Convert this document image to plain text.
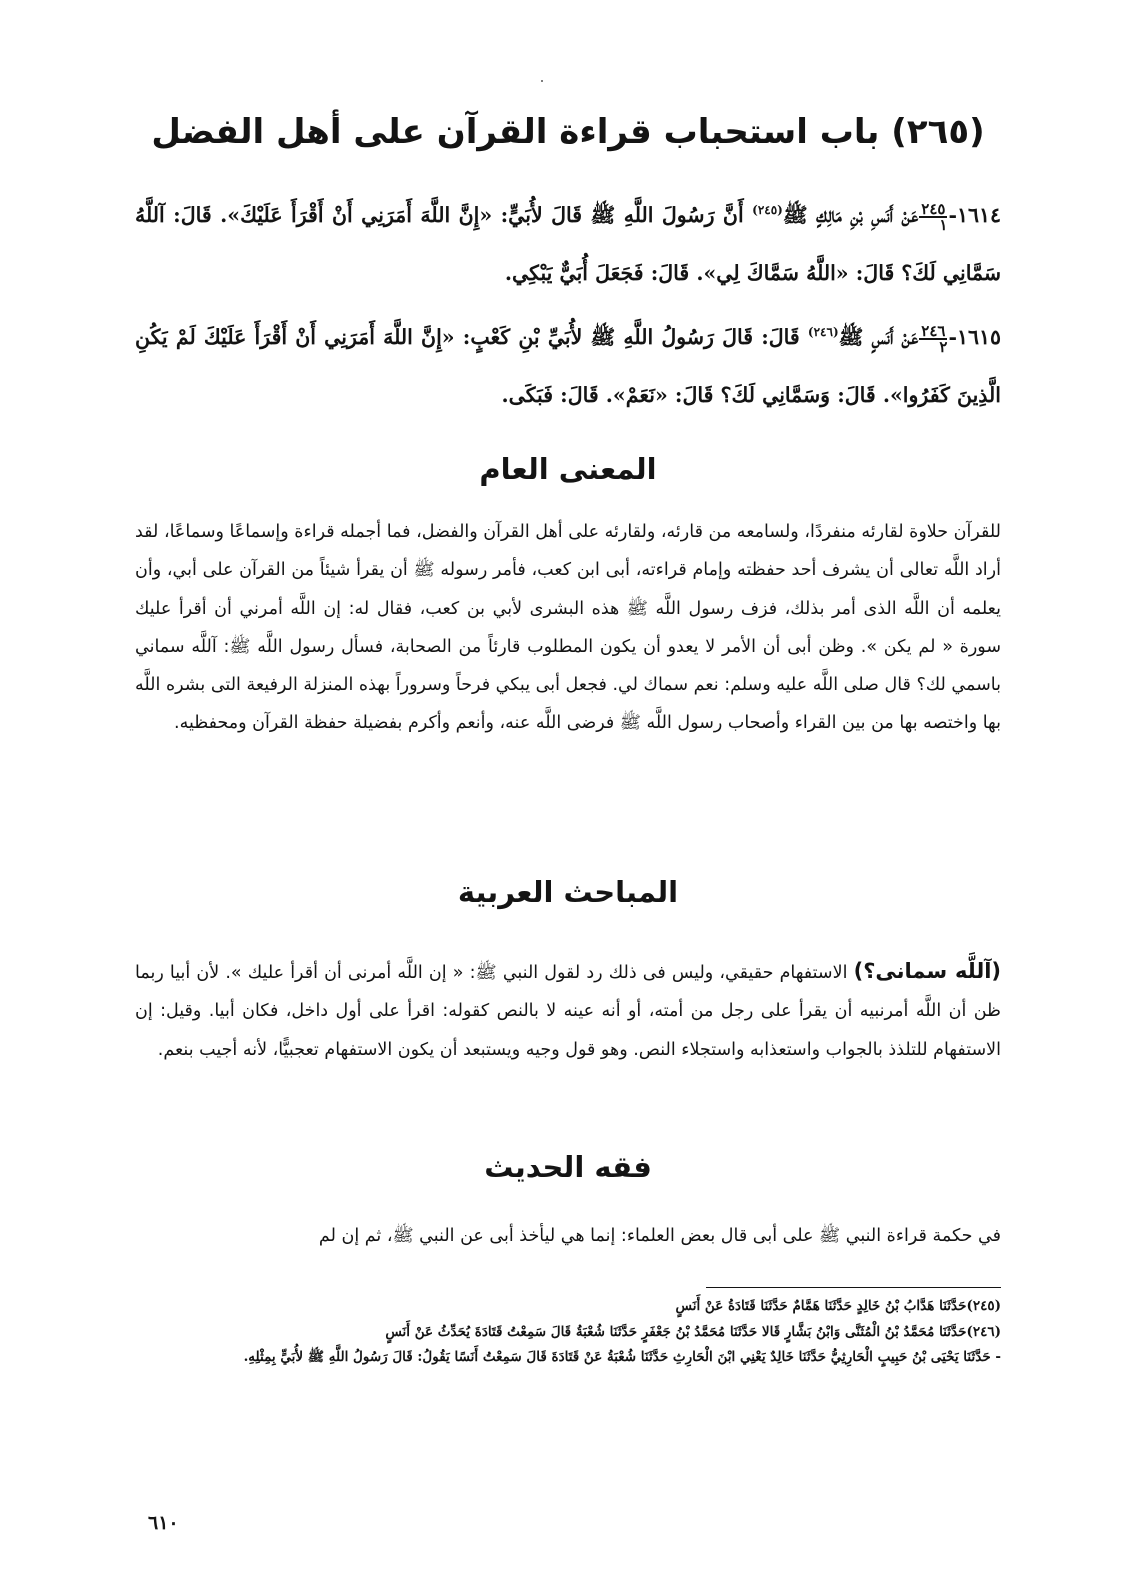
(٢٦٥) باب استحباب قراءة القرآن على أهل الفضل

١٦١٤-
$\frac{٢٤٥}{١}$
عَنْ أَنَسِ بْنِ مَالِكٍ ﷺ$^{(٢٤٥)}$ أَنَّ رَسُولَ اللَّهِ ﷺ قَالَ لأُبَيٍّ: «إِنَّ اللَّهَ أَمَرَنِي أَنْ أَقْرَأَ عَلَيْكَ». قَالَ: آللَّهُ سَمَّانِي لَكَ؟ قَالَ: «اللَّهُ سَمَّاكَ لِي». قَالَ: فَجَعَلَ أُبَيٌّ يَبْكِي.

١٦١٥-
$\frac{٢٤٦}{٢}$
عَنْ أَنَسٍ ﷺ$^{(٢٤٦)}$ قَالَ: قَالَ رَسُولُ اللَّهِ ﷺ لأُبَيِّ بْنِ كَعْبٍ: «إِنَّ اللَّهَ أَمَرَنِي أَنْ أَقْرَأَ عَلَيْكَ لَمْ يَكُنِ الَّذِينَ كَفَرُوا». قَالَ: وَسَمَّانِي لَكَ؟ قَالَ: «نَعَمْ». قَالَ: فَبَكَى.

المعنى العام

للقرآن حلاوة لقارئه منفردًا، ولسامعه من قارئه، ولقارئه على أهل القرآن والفضل، فما أجمله قراءة وإسماعًا وسماعًا، لقد أراد اللَّه تعالى أن يشرف أحد حفظته وإمام قراءته، أبى ابن كعب، فأمر رسوله ﷺ أن يقرأ شيئاً من القرآن على أبي، وأن يعلمه أن اللَّه الذى أمر بذلك، فزف رسول اللَّه ﷺ هذه البشرى لأبي بن كعب، فقال له: إن اللَّه أمرني أن أقرأ عليك سورة « لم يكن ». وظن أبى أن الأمر لا يعدو أن يكون المطلوب قارئاً من الصحابة، فسأل رسول اللَّه ﷺ: آللَّه سماني باسمي لك؟ قال صلى اللَّه عليه وسلم: نعم سماك لي. فجعل أبى يبكي فرحاً وسروراً بهذه المنزلة الرفيعة التى بشره اللَّه بها واختصه بها من بين القراء وأصحاب رسول اللَّه ﷺ فرضى اللَّه عنه، وأنعم وأكرم بفضيلة حفظة القرآن ومحفظيه.

المباحث العربية

(آللَّه سمانى؟) الاستفهام حقيقي، وليس فى ذلك رد لقول النبي ﷺ: « إن اللَّه أمرنى أن أقرأ عليك ». لأن أبيا ربما ظن أن اللَّه أمرنبيه أن يقرأ على رجل من أمته، أو أنه عينه لا بالنص كقوله: اقرأ على أول داخل، فكان أبيا. وقيل: إن الاستفهام للتلذذ بالجواب واستعذابه واستجلاء النص. وهو قول وجيه ويستبعد أن يكون الاستفهام تعجبيًّا، لأنه أجيب بنعم.

فقه الحديث

في حكمة قراءة النبي ﷺ على أبى قال بعض العلماء: إنما هي ليأخذ أبى عن النبي ﷺ، ثم إن لم

(٢٤٥)حَدَّثَنَا هَدَّابُ بْنُ خَالِدٍ حَدَّثَنَا هَمَّامٌ حَدَّثَنَا قَتَادَةُ عَنْ أَنَسٍ
(٢٤٦)حَدَّثَنَا مُحَمَّدُ بْنُ الْمُثَنَّى وَابْنُ بَشَّارٍ قَالا حَدَّثَنَا مُحَمَّدُ بْنُ جَعْفَرٍ حَدَّثَنَا شُعْبَةُ قَالَ سَمِعْتُ قَتَادَةَ يُحَدِّثُ عَنْ أَنَسٍ
- حَدَّثَنَا يَحْيَى بْنُ حَبِيبٍ الْحَارِثِيُّ حَدَّثَنَا خَالِدٌ يَعْنِي ابْنَ الْحَارِثِ حَدَّثَنَا شُعْبَةُ عَنْ قَتَادَةَ قَالَ سَمِعْتُ أَنَسًا يَقُولُ: قَالَ رَسُولُ اللَّهِ ﷺ لأُبَيٍّ بِمِثْلِهِ.
٦١٠
